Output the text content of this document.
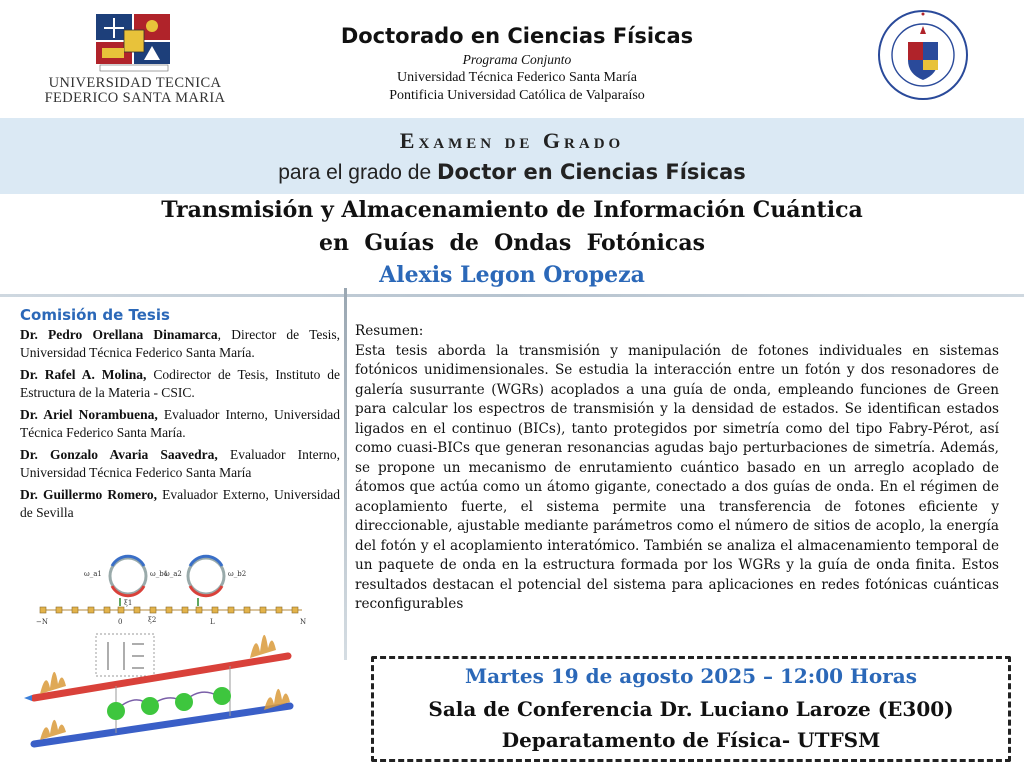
UNIVERSIDAD TECNICA
FEDERICO SANTA MARIA
Doctorado en Ciencias Físicas
Programa Conjunto
Universidad Técnica Federico Santa María
Pontificia Universidad Católica de Valparaíso
Examen de Grado
para el grado de Doctor en Ciencias Físicas
Transmisión y Almacenamiento de Información Cuántica
en  Guías  de  Ondas  Fotónicas
Alexis Legon Oropeza
Comisión de Tesis
Dr. Pedro Orellana Dinamarca, Director de Tesis, Universidad Técnica Federico Santa María.
Dr. Rafel A. Molina, Codirector de Tesis, Instituto de Estructura de la Materia - CSIC.
Dr. Ariel Norambuena, Evaluador Interno, Universidad Técnica Federico Santa María.
Dr. Gonzalo Avaria Saavedra, Evaluador Interno, Universidad Técnica Federico Santa María
Dr. Guillermo Romero, Evaluador Externo, Universidad de Sevilla
ω_a1	ω_b1
ω_a2	ω_b2
ξ1
ξ2
−N	0	L	N
Resumen:
Esta tesis aborda la transmisión y manipulación de fotones individuales en sistemas fotónicos unidimensionales. Se estudia la interacción entre un fotón y dos resonadores de galería susurrante (WGRs) acoplados a una guía de onda, empleando funciones de Green para calcular los espectros de transmisión y la densidad de estados. Se identifican estados ligados en el continuo (BICs), tanto protegidos por simetría como del tipo Fabry-Pérot, así como cuasi-BICs que generan resonancias agudas bajo perturbaciones de simetría. Además, se propone un mecanismo de enrutamiento cuántico basado en un arreglo acoplado de átomos que actúa como un átomo gigante, conectado a dos guías de onda. En el régimen de acoplamiento fuerte, el sistema permite una transferencia de fotones eficiente y direccionable, ajustable mediante parámetros como el número de sitios de acoplo, la energía del fotón y el acoplamiento interatómico. También se analiza el almacenamiento temporal de un paquete de onda en la estructura formada por los WGRs y la guía de onda finita. Estos resultados destacan el potencial del sistema para aplicaciones en redes fotónicas cuánticas reconfigurables
Martes 19 de agosto 2025 – 12:00 Horas
Sala de Conferencia Dr. Luciano Laroze (E300)
Deparatamento de Física- UTFSM
